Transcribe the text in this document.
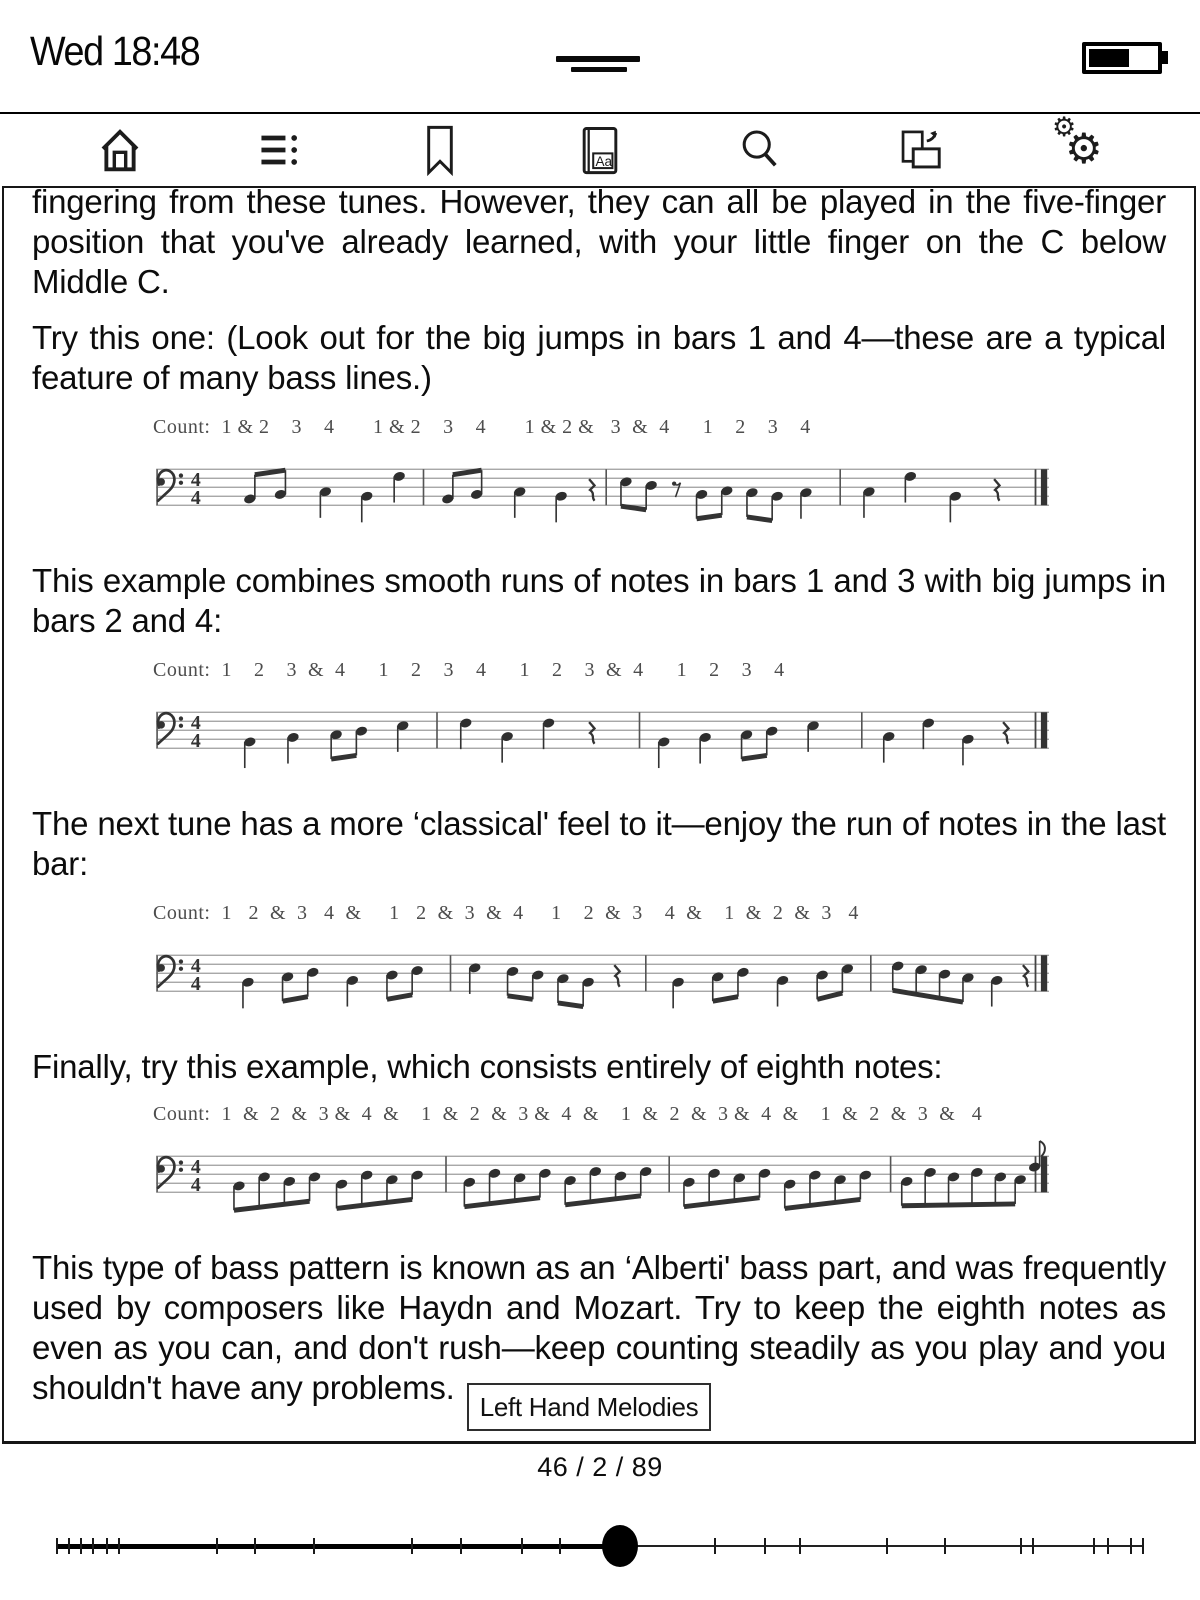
Wed 18:48
Aa
⚙
⚙

fingering from these tunes. However, they can all be played in the five-finger position that you've already learned, with your little finger on the C below Middle C.

Try this one: (Look out for the big jumps in bars 1 and 4—these are a typical feature of many bass lines.)

Count:  1 & 2    3    4       1 & 2    3    4       1 & 2 &   3  &  4      1    2    3    4
4
4

This example combines smooth runs of notes in bars 1 and 3 with big jumps in bars 2 and 4:

Count:  1    2    3  &  4      1    2    3    4      1    2    3  &  4      1    2    3    4
4
4

The next tune has a more ‘classical' feel to it—enjoy the run of notes in the last bar:

Count:  1   2  &  3   4  &     1   2  &  3  &  4     1    2  &  3    4  &    1  &  2  &  3   4
4
4

Finally, try this example, which consists entirely of eighth notes:

Count:  1  &  2  &  3 &  4  &    1  &  2  &  3 &  4  &    1  &  2  &  3 &  4  &    1  &  2  &  3  &   4
4
4

This type of bass pattern is known as an ‘Alberti' bass part, and was frequently used by composers like Haydn and Mozart. Try to keep the eighth notes as even as you can, and don't rush—keep counting steadily as you play and you shouldn't have any problems.

Left Hand Melodies
46 / 2 / 89
